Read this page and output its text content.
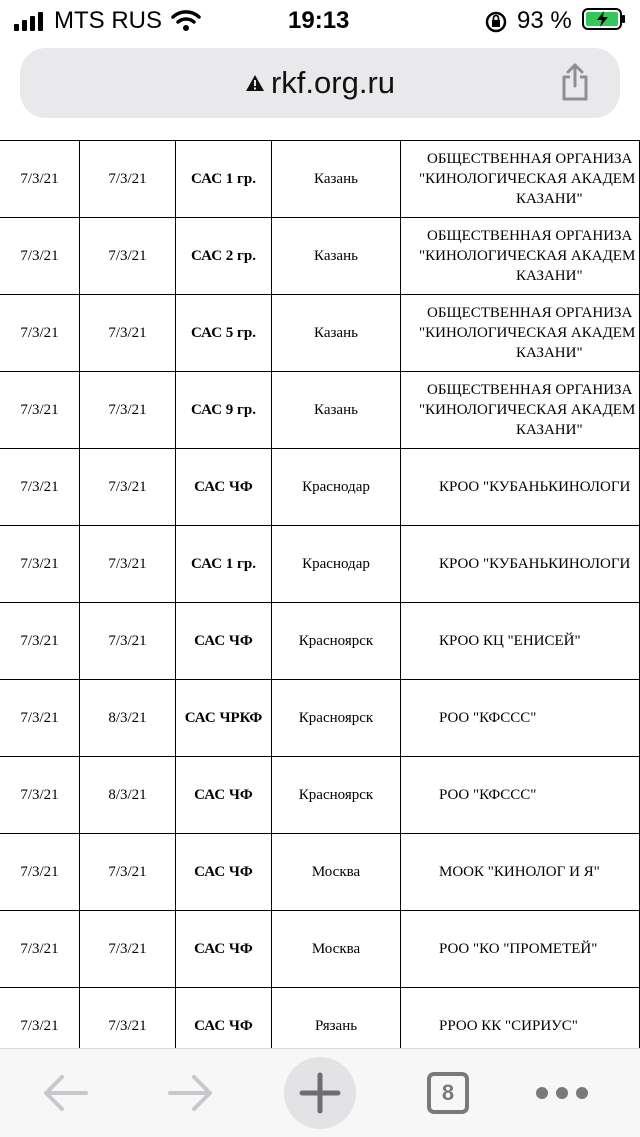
MTS RUS	19:13	93 %
rkf.org.ru
7/3/21	7/3/21	САС 1 гр.	Казань	ОБЩЕСТВЕННАЯ ОРГАНИЗА
"КИНОЛОГИЧЕСКАЯ АКАДЕМ
КАЗАНИ"

7/3/21	7/3/21	САС 2 гр.	Казань	ОБЩЕСТВЕННАЯ ОРГАНИЗА
"КИНОЛОГИЧЕСКАЯ АКАДЕМ
КАЗАНИ"

7/3/21	7/3/21	САС 5 гр.	Казань	ОБЩЕСТВЕННАЯ ОРГАНИЗА
"КИНОЛОГИЧЕСКАЯ АКАДЕМ
КАЗАНИ"

7/3/21	7/3/21	САС 9 гр.	Казань	ОБЩЕСТВЕННАЯ ОРГАНИЗА
"КИНОЛОГИЧЕСКАЯ АКАДЕМ
КАЗАНИ"

7/3/21	7/3/21	САС ЧФ	Краснодар	КРОО "КУБАНЬКИНОЛОГИ

7/3/21	7/3/21	САС 1 гр.	Краснодар	КРОО "КУБАНЬКИНОЛОГИ

7/3/21	7/3/21	САС ЧФ	Красноярск	КРОО КЦ "ЕНИСЕЙ"

7/3/21	8/3/21	САС ЧРКФ	Красноярск	РОО "КФССС"

7/3/21	8/3/21	САС ЧФ	Красноярск	РОО "КФССС"

7/3/21	7/3/21	САС ЧФ	Москва	МООК "КИНОЛОГ И Я"

7/3/21	7/3/21	САС ЧФ	Москва	РОО "КО "ПРОМЕТЕЙ"

7/3/21	7/3/21	САС ЧФ	Рязань	РРОО КК "СИРИУС"
8
